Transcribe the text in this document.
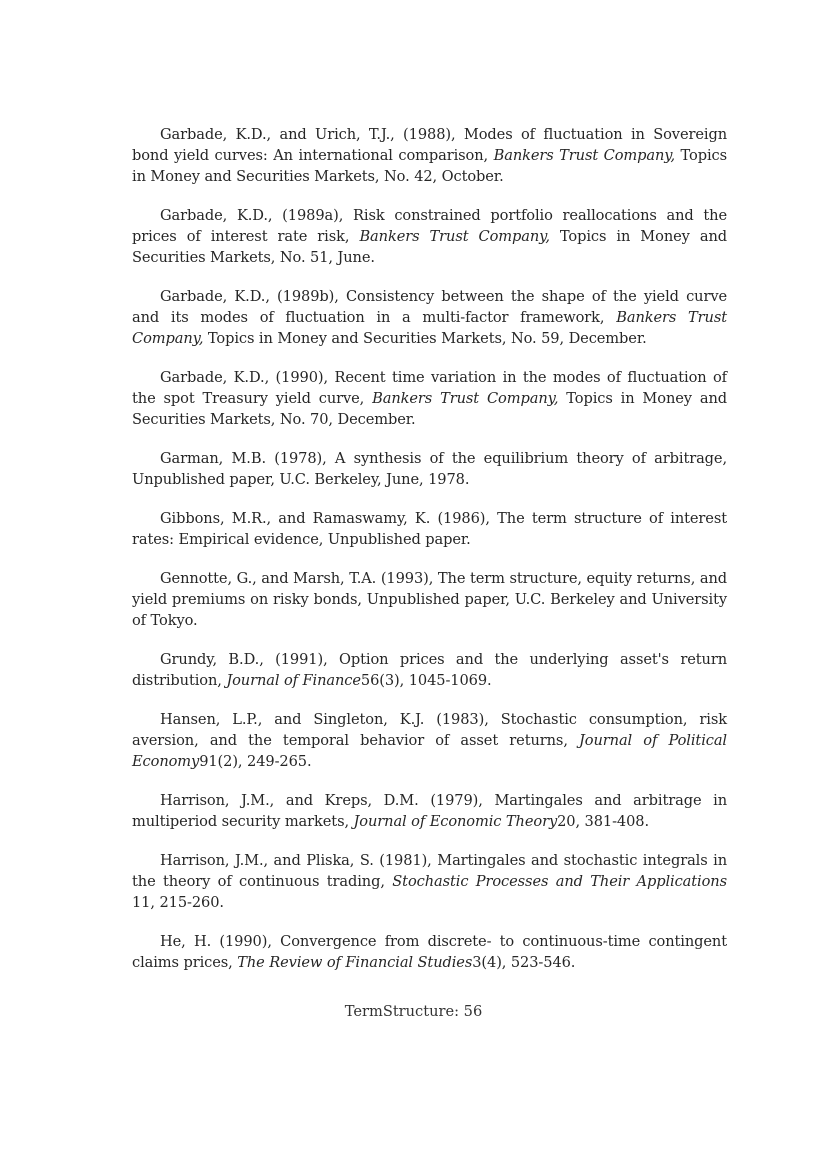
Garbade, K.D., and Urich, T.J., (1988), Modes of fluctuation in Sovereign bond yield curves: An international comparison, Bankers Trust Company, Topics in Money and Securities Markets, No. 42, October.

Garbade, K.D., (1989a), Risk constrained portfolio reallocations and the prices of interest rate risk, Bankers Trust Company, Topics in Money and Securities Markets, No. 51, June.

Garbade, K.D., (1989b), Consistency between the shape of the yield curve and its modes of fluctuation in a multi-factor framework, Bankers Trust Company, Topics in Money and Securities Markets, No. 59, December.

Garbade, K.D., (1990), Recent time variation in the modes of fluctuation of the spot Treasury yield curve, Bankers Trust Company, Topics in Money and Securities Markets, No. 70, December.

Garman, M.B. (1978), A synthesis of the equilibrium theory of arbitrage, Unpublished paper, U.C. Berkeley, June, 1978.

Gibbons, M.R., and Ramaswamy, K. (1986), The term structure of interest rates: Empirical evidence, Unpublished paper.

Gennotte, G., and Marsh, T.A. (1993), The term structure, equity returns, and yield premiums on risky bonds, Unpublished paper, U.C. Berkeley and University of Tokyo.

Grundy, B.D., (1991), Option prices and the underlying asset's return distribution, Journal of Finance56(3), 1045-1069.

Hansen, L.P., and Singleton, K.J. (1983), Stochastic consumption, risk aversion, and the temporal behavior of asset returns, Journal of Political Economy91(2), 249-265.

Harrison, J.M., and Kreps, D.M. (1979), Martingales and arbitrage in multiperiod security markets, Journal of Economic Theory20, 381-408.

Harrison, J.M., and Pliska, S. (1981), Martingales and stochastic integrals in the theory of continuous trading, Stochastic Processes and Their Applications 11, 215-260.

He, H. (1990), Convergence from discrete- to continuous-time contingent claims prices, The Review of Financial Studies3(4), 523-546.

TermStructure: 56
